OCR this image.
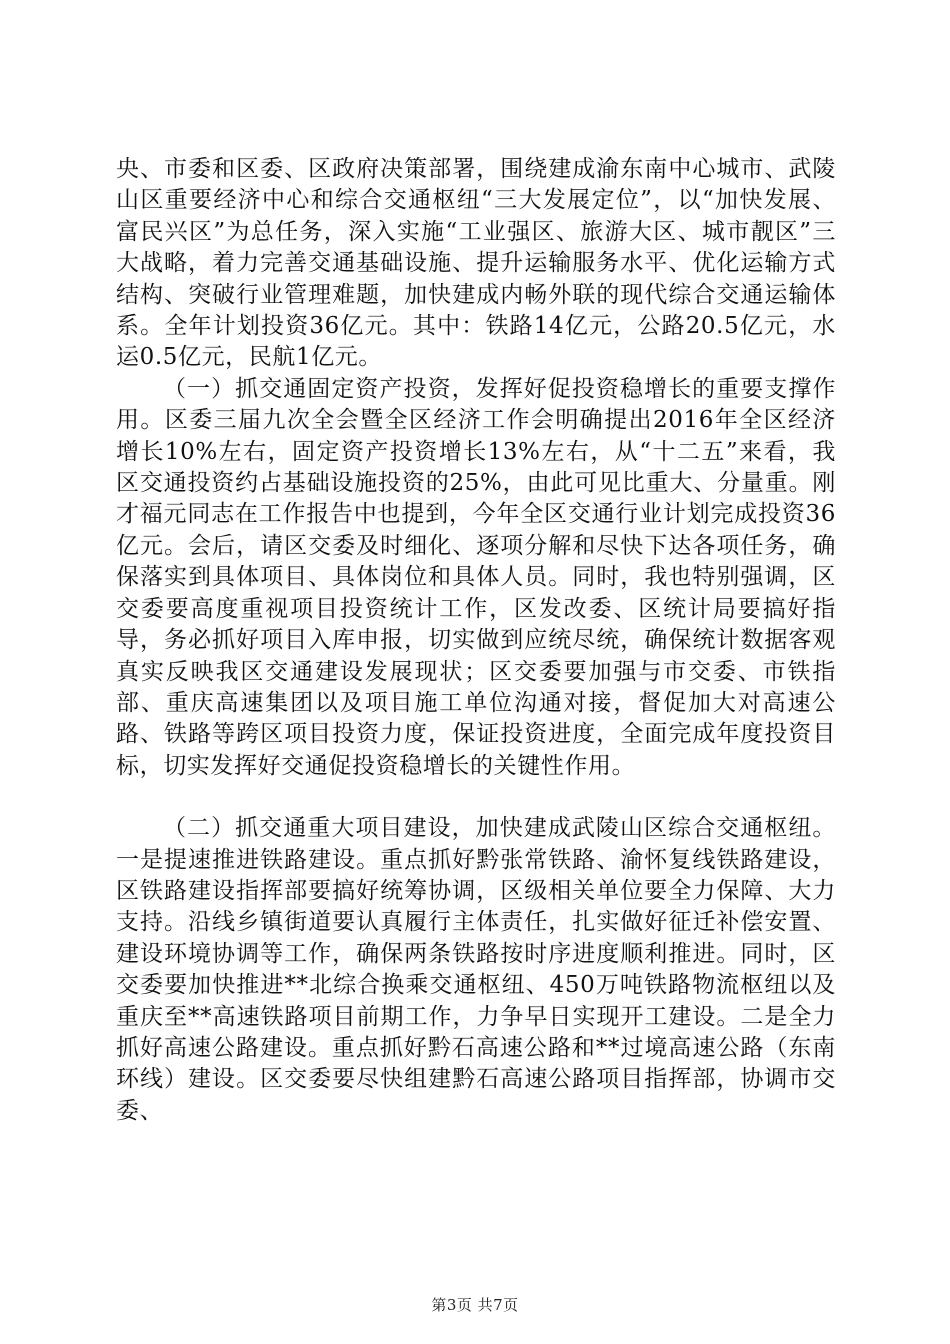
央、市委和区委、区政府决策部署，围绕建成渝东南中心城市、武陵山区重要经济中心和综合交通枢纽“三大发展定位”，以“加快发展、富民兴区”为总任务，深入实施“工业强区、旅游大区、城市靓区”三大战略，着力完善交通基础设施、提升运输服务水平、优化运输方式结构、突破行业管理难题，加快建成内畅外联的现代综合交通运输体系。全年计划投资36亿元。其中：铁路14亿元，公路20.5亿元，水运0.5亿元，民航1亿元。

（一）抓交通固定资产投资，发挥好促投资稳增长的重要支撑作用。区委三届九次全会暨全区经济工作会明确提出2016年全区经济增长10%左右，固定资产投资增长13%左右，从“十二五”来看，我区交通投资约占基础设施投资的25%，由此可见比重大、分量重。刚才福元同志在工作报告中也提到，今年全区交通行业计划完成投资36亿元。会后，请区交委及时细化、逐项分解和尽快下达各项任务，确保落实到具体项目、具体岗位和具体人员。同时，我也特别强调，区交委要高度重视项目投资统计工作，区发改委、区统计局要搞好指导，务必抓好项目入库申报，切实做到应统尽统，确保统计数据客观真实反映我区交通建设发展现状；区交委要加强与市交委、市铁指部、重庆高速集团以及项目施工单位沟通对接，督促加大对高速公路、铁路等跨区项目投资力度，保证投资进度，全面完成年度投资目标，切实发挥好交通促投资稳增长的关键性作用。

（二）抓交通重大项目建设，加快建成武陵山区综合交通枢纽。一是提速推进铁路建设。重点抓好黔张常铁路、渝怀复线铁路建设，区铁路建设指挥部要搞好统筹协调，区级相关单位要全力保障、大力支持。沿线乡镇街道要认真履行主体责任，扎实做好征迁补偿安置、建设环境协调等工作，确保两条铁路按时序进度顺利推进。同时，区交委要加快推进**北综合换乘交通枢纽、450万吨铁路物流枢纽以及重庆至**高速铁路项目前期工作，力争早日实现开工建设。二是全力抓好高速公路建设。重点抓好黔石高速公路和**过境高速公路（东南环线）建设。区交委要尽快组建黔石高速公路项目指挥部，协调市交委、

第3页 共7页
